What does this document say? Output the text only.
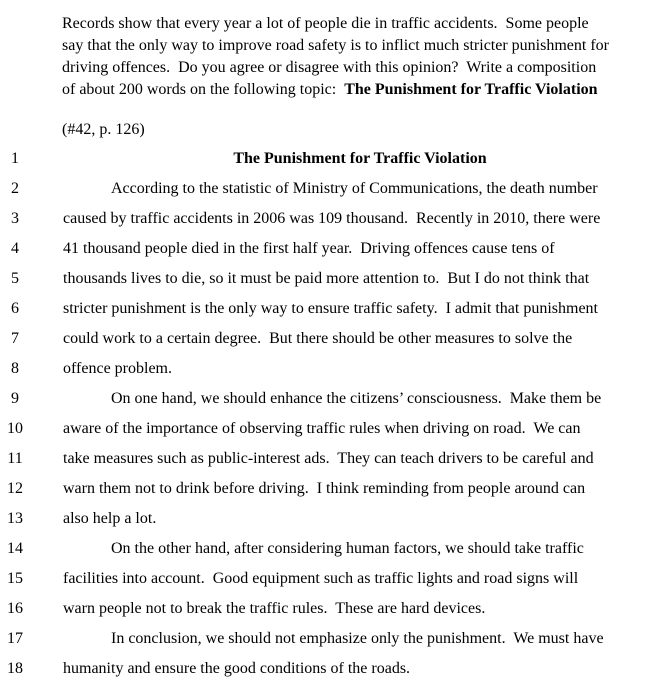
Records show that every year a lot of people die in traffic accidents.  Some people
say that the only way to improve road safety is to inflict much stricter punishment for
driving offences.  Do you agree or disagree with this opinion?  Write a composition
of about 200 words on the following topic:  The Punishment for Traffic Violation
(#42, p. 126)
1	The Punishment for Traffic Violation
2	According to the statistic of Ministry of Communications, the death number
3	caused by traffic accidents in 2006 was 109 thousand.  Recently in 2010, there were
4	41 thousand people died in the first half year.  Driving offences cause tens of
5	thousands lives to die, so it must be paid more attention to.  But I do not think that
6	stricter punishment is the only way to ensure traffic safety.  I admit that punishment
7	could work to a certain degree.  But there should be other measures to solve the
8	offence problem.
9	On one hand, we should enhance the citizens’ consciousness.  Make them be
10	aware of the importance of observing traffic rules when driving on road.  We can
11	take measures such as public-interest ads.  They can teach drivers to be careful and
12	warn them not to drink before driving.  I think reminding from people around can
13	also help a lot.
14	On the other hand, after considering human factors, we should take traffic
15	facilities into account.  Good equipment such as traffic lights and road signs will
16	warn people not to break the traffic rules.  These are hard devices.
17	In conclusion, we should not emphasize only the punishment.  We must have
18	humanity and ensure the good conditions of the roads.
